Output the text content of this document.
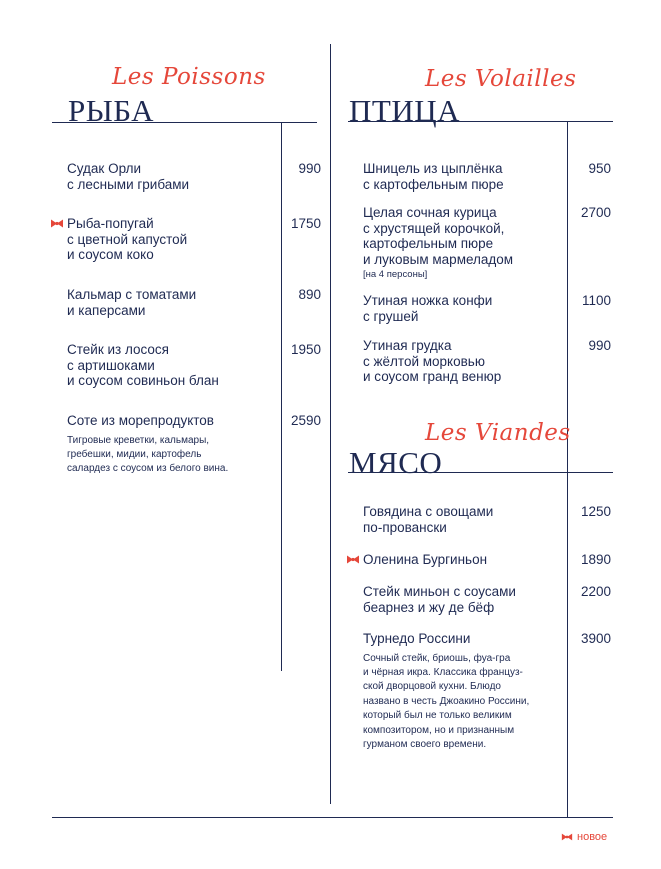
Les Poissons
РЫБА
Les Volailles
ПТИЦА
Les Viandes
МЯСО
Судак Орли
с лесными грибами
990
Рыба-попугай
с цветной капустой
и соусом коко
1750
Кальмар с томатами
и каперсами
890
Стейк из лосося
с артишоками
и соусом совиньон блан
1950
Соте из морепродуктов
Тигровые креветки, кальмары,
гребешки, мидии, картофель
салардез с соусом из белого вина.
2590
Шницель из цыплёнка
с картофельным пюре
950
Целая сочная курица
с хрустящей корочкой,
картофельным пюре
и луковым мармеладом
[на 4 персоны]
2700
Утиная ножка конфи
с грушей
1100
Утиная грудка
с жёлтой морковью
и соусом гранд венюр
990
Говядина с овощами
по-провански
1250
Оленина Бургиньон	1890
Стейк миньон с соусами
беарнез и жу де бёф
2200
Турнедо Россини
Сочный стейк, бриошь, фуа-гра
и чёрная икра. Классика француз-
ской дворцовой кухни. Блюдо
названо в честь Джоакино Россини,
который был не только великим
композитором, но и признанным
гурманом своего времени.
3900
новое
